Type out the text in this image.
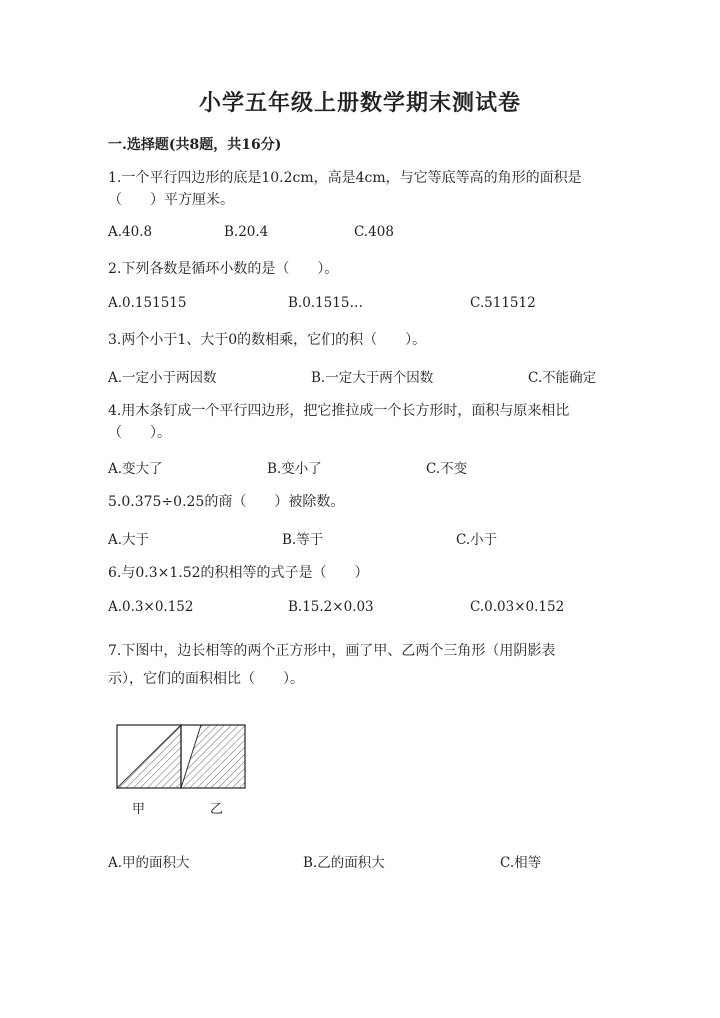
小学五年级上册数学期末测试卷
一.选择题(共8题，共16分)
1.一个平行四边形的底是10.2cm，高是4cm，与它等底等高的角形的面积是
（　　）平方厘米。
A.40.8	B.20.4	C.408
2.下列各数是循环小数的是（　　）。
A.0.151515	B.0.1515…	C.511512
3.两个小于1、大于0的数相乘，它们的积（　　）。
A.一定小于两因数	B.一定大于两个因数	C.不能确定
4.用木条钉成一个平行四边形，把它推拉成一个长方形时，面积与原来相比
（　　）。
A.变大了	B.变小了	C.不变
5.0.375÷0.25的商（　　）被除数。
A.大于	B.等于	C.小于
6.与0.3×1.52的积相等的式子是（　　）
A.0.3×0.152	B.15.2×0.03	C.0.03×0.152
7.下图中，边长相等的两个正方形中，画了甲、乙两个三角形（用阴影表
示），它们的面积相比（　　）。
甲	乙
A.甲的面积大	B.乙的面积大	C.相等
